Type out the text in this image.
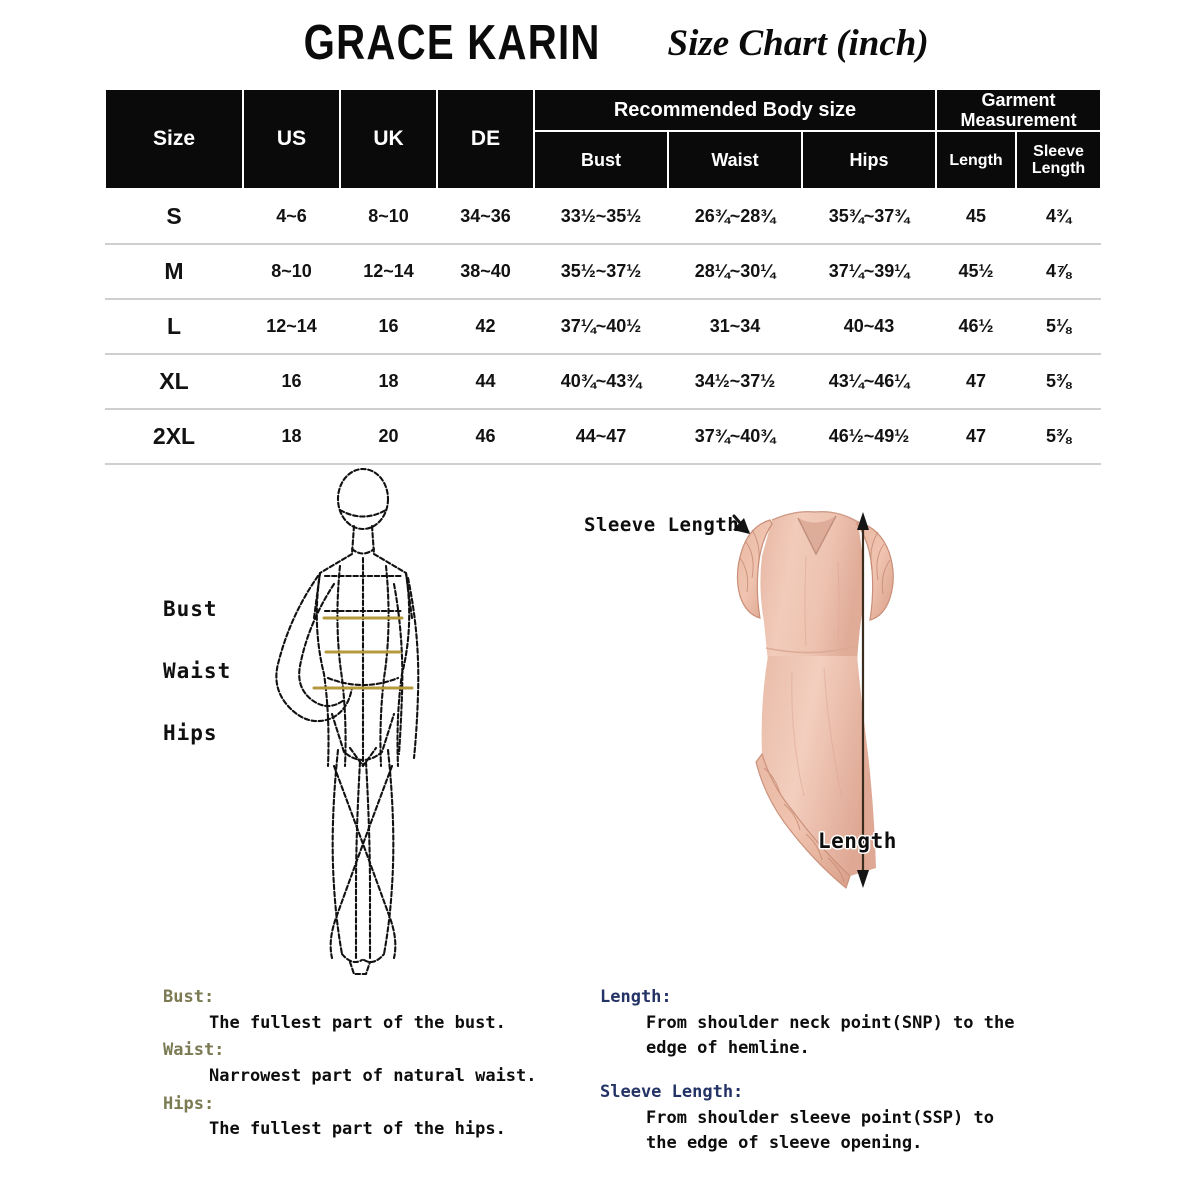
GRACE KARIN Size Chart (inch)
Size	US	UK	DE	Recommended Body size			Garment Measurement	
				Bust	Waist	Hips	Length	Sleeve Length
S	4~6	8~10	34~36	33½~35½	26¾~28¾	35¾~37¾	45	4¾
M	8~10	12~14	38~40	35½~37½	28¼~30¼	37¼~39¼	45½	4⅞
L	12~14	16	42	37¼~40½	31~34	40~43	46½	5⅛
XL	16	18	44	40¾~43¾	34½~37½	43¼~46¼	47	5⅜
2XL	18	20	46	44~47	37¾~40¾	46½~49½	47	5⅜
Bust
Waist
Hips
Sleeve Length
Length
Bust:
The fullest part of the bust.
Waist:
Narrowest part of natural waist.
Hips:
The fullest part of the hips.
Length:
From shoulder neck point(SNP) to the
edge of hemline.
Sleeve Length:
From shoulder sleeve point(SSP) to
the edge of sleeve opening.
